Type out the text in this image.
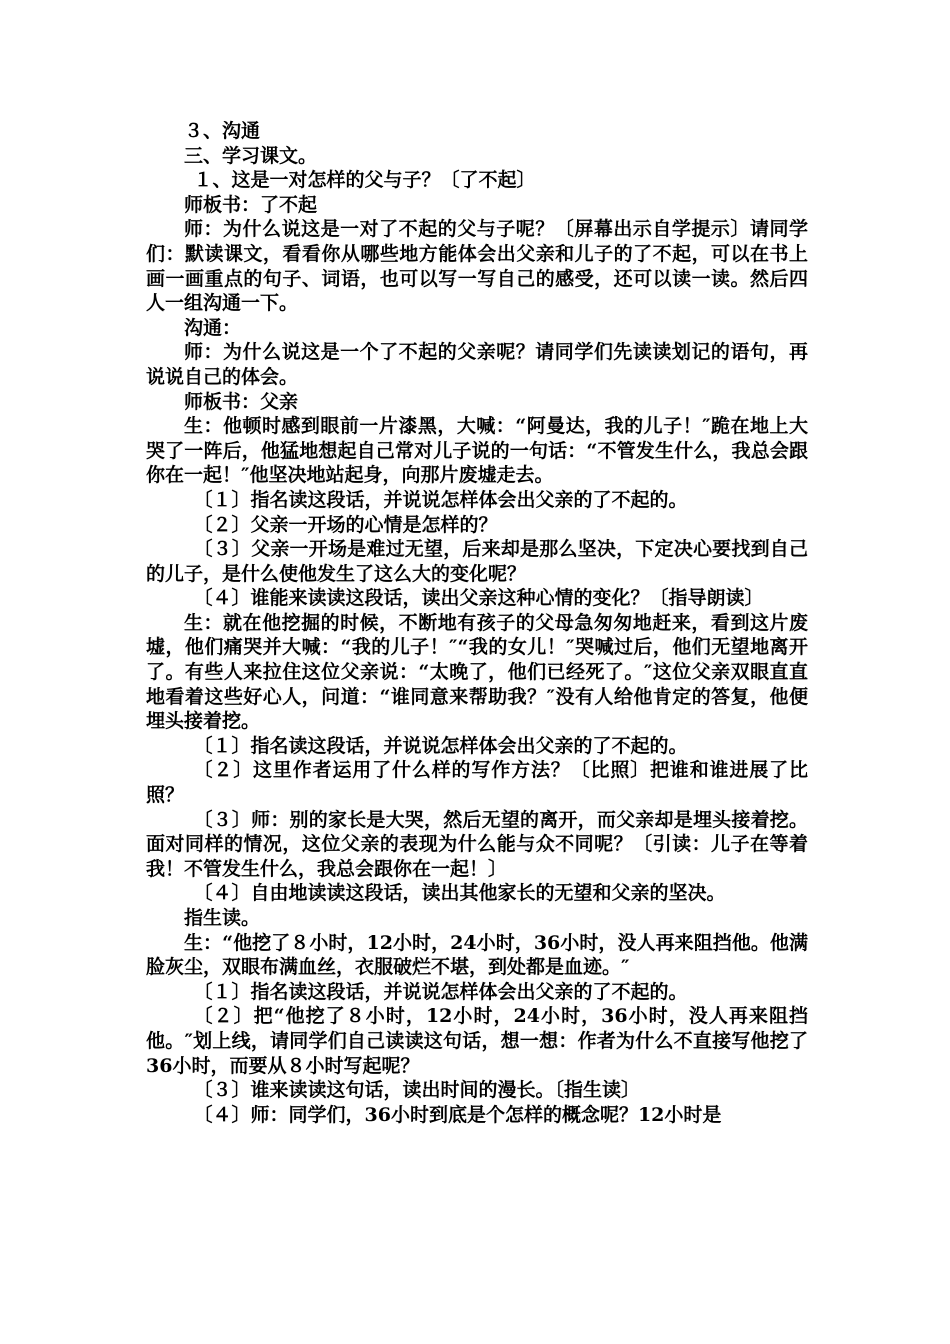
３、沟通

三、学习课文。

１、这是一对怎样的父与子？〔了不起〕

师板书：了不起

师：为什么说这是一对了不起的父与子呢？〔屏幕出示自学提示〕请同学们：默读课文，看看你从哪些地方能体会出父亲和儿子的了不起，可以在书上画一画重点的句子、词语，也可以写一写自己的感受，还可以读一读。然后四人一组沟通一下。

沟通：

师：为什么说这是一个了不起的父亲呢？请同学们先读读划记的语句，再说说自己的体会。

师板书：父亲

生：他顿时感到眼前一片漆黑，大喊：“阿曼达，我的儿子！″跪在地上大哭了一阵后，他猛地想起自己常对儿子说的一句话：“不管发生什么，我总会跟你在一起！″他坚决地站起身，向那片废墟走去。

〔１〕指名读这段话，并说说怎样体会出父亲的了不起的。

〔２〕父亲一开场的心情是怎样的？

〔３〕父亲一开场是难过无望，后来却是那么坚决，下定决心要找到自己的儿子，是什么使他发生了这么大的变化呢？

〔４〕谁能来读读这段话，读出父亲这种心情的变化？〔指导朗读〕

生：就在他挖掘的时候，不断地有孩子的父母急匆匆地赶来，看到这片废墟，他们痛哭并大喊：“我的儿子！″“我的女儿！″哭喊过后，他们无望地离开了。有些人来拉住这位父亲说：“太晚了，他们已经死了。″这位父亲双眼直直地看着这些好心人，问道：“谁同意来帮助我？″没有人给他肯定的答复，他便埋头接着挖。

〔１〕指名读这段话，并说说怎样体会出父亲的了不起的。

〔２〕这里作者运用了什么样的写作方法？〔比照〕把谁和谁进展了比照？

〔３〕师：别的家长是大哭，然后无望的离开，而父亲却是埋头接着挖。面对同样的情况，这位父亲的表现为什么能与众不同呢？〔引读：儿子在等着我！不管发生什么，我总会跟你在一起！〕

〔４〕自由地读读这段话，读出其他家长的无望和父亲的坚决。

指生读。

生：“他挖了８小时，12小时，24小时，36小时，没人再来阻挡他。他满脸灰尘，双眼布满血丝，衣服破烂不堪，到处都是血迹。″

〔１〕指名读这段话，并说说怎样体会出父亲的了不起的。

〔２〕把“他挖了８小时，12小时，24小时，36小时，没人再来阻挡他。″划上线，请同学们自己读读这句话，想一想：作者为什么不直接写他挖了36小时，而要从８小时写起呢？

〔３〕谁来读读这句话，读出时间的漫长。〔指生读〕

〔４〕师：同学们，36小时到底是个怎样的概念呢？12小时是
